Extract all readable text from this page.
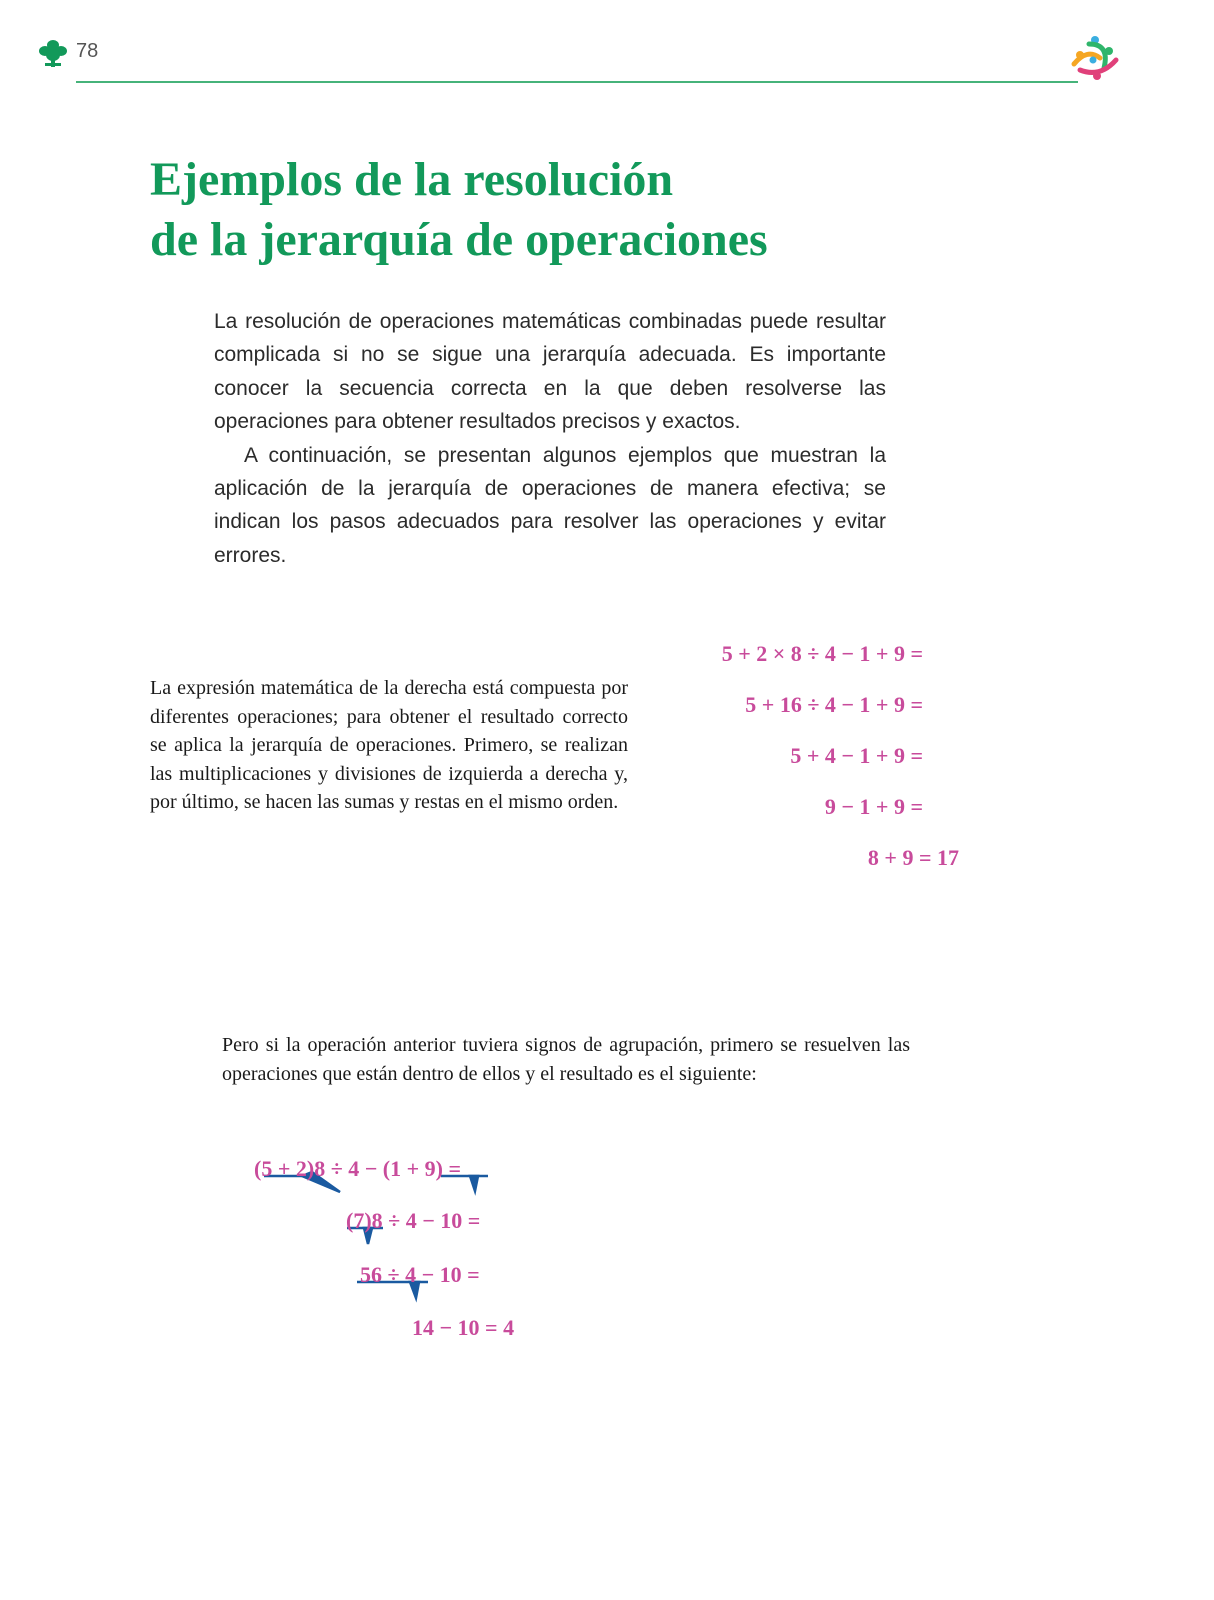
78
Ejemplos de la resolución
de la jerarquía de operaciones

La resolución de operaciones matemáticas combinadas puede resultar complicada si no se sigue una jerarquía adecuada. Es importante conocer la secuencia correcta en la que deben resolverse las operaciones para obtener resultados precisos y exactos.

A continuación, se presentan algunos ejemplos que muestran la aplicación de la jerarquía de operaciones de manera efectiva; se indican los pasos adecuados para resolver las operaciones y evitar errores.

La expresión matemática de la derecha está compuesta por diferentes operaciones; para obtener el resultado correcto se aplica la jerarquía de operaciones. Primero, se realizan las multiplicaciones y divisiones de izquierda a derecha y, por último, se hacen las sumas y restas en el mismo orden.

5 + 2 × 8 ÷ 4 − 1 + 9 =
5 + 16 ÷ 4 − 1 + 9 =
5 + 4 − 1 + 9 =
9 − 1 + 9 =
8 + 9 = 17

Pero si la operación anterior tuviera signos de agrupación, primero se resuelven las operaciones que están dentro de ellos y el resultado es el siguiente:

(5 + 2)8 ÷ 4 − (1 + 9) =
(7)8 ÷ 4 − 10 =
56 ÷ 4 − 10 =
14 − 10 = 4
